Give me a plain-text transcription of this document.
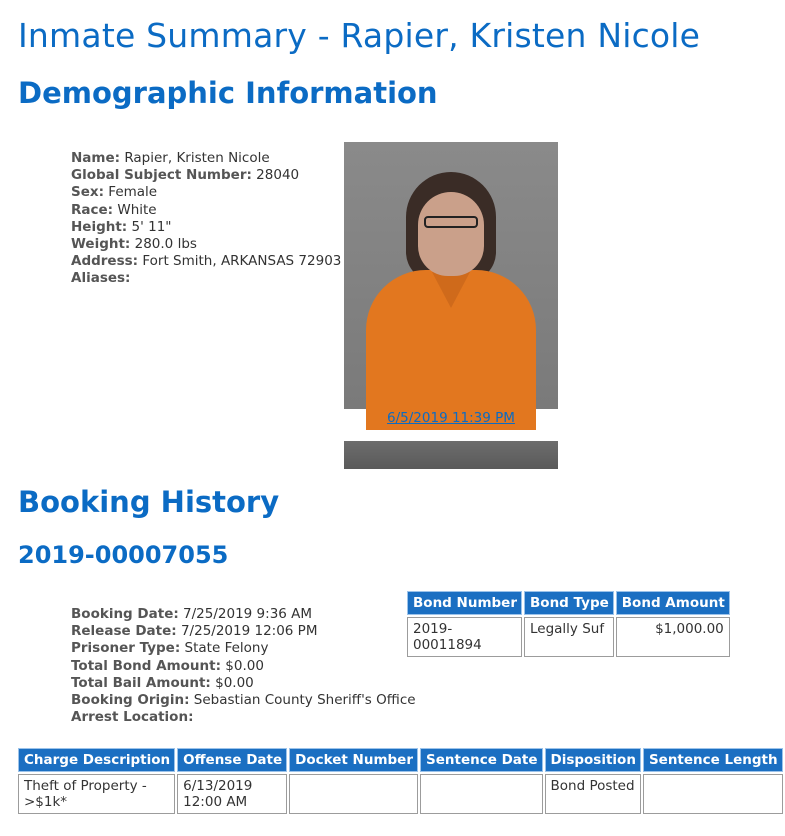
Inmate Summary - Rapier, Kristen Nicole
Demographic Information
Name: Rapier, Kristen Nicole
Global Subject Number: 28040
Sex: Female
Race: White
Height: 5' 11"
Weight: 280.0 lbs
Address: Fort Smith, ARKANSAS 72903
Aliases:
6/5/2019 11:39 PM
Booking History
2019-00007055
Booking Date: 7/25/2019 9:36 AM
Release Date: 7/25/2019 12:06 PM
Prisoner Type: State Felony
Total Bond Amount: $0.00
Total Bail Amount: $0.00
Booking Origin: Sebastian County Sheriff's Office
Arrest Location:
Bond Number	Bond Type	Bond Amount
2019-00011894	Legally Suf	$1,000.00
Charge Description	Offense Date	Docket Number	Sentence Date	Disposition	Sentence Length
Theft of Property - >$1k*	6/13/2019 12:00 AM			Bond Posted	
